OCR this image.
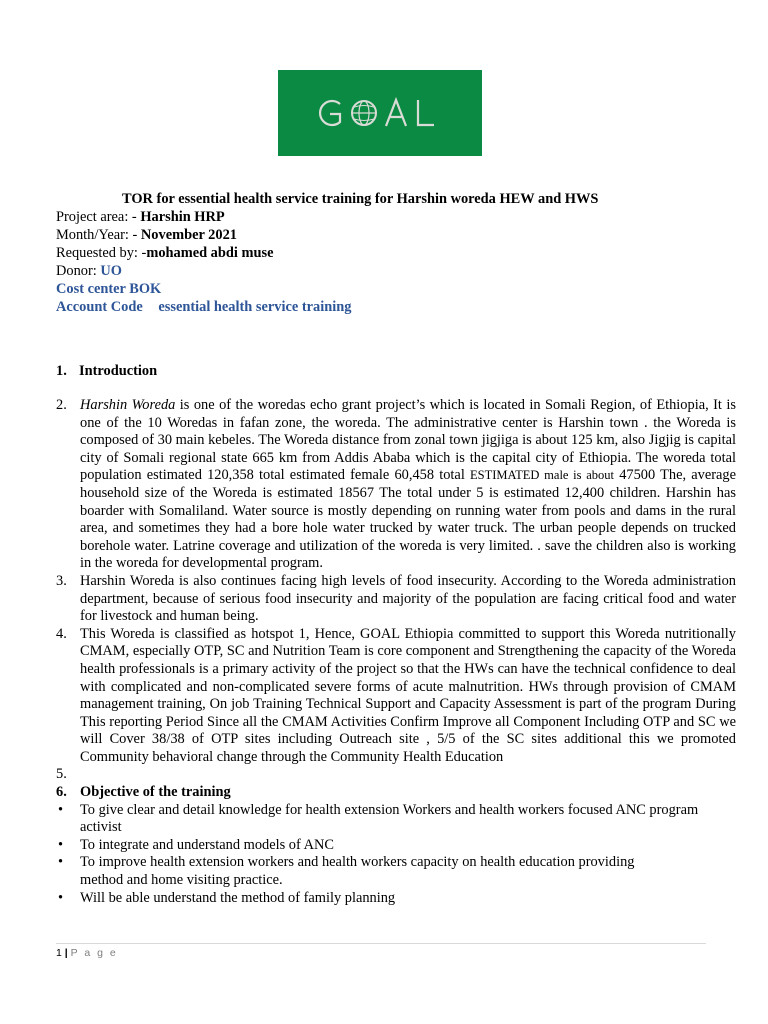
TOR for essential health service training for Harshin woreda HEW and HWS
Project area: - Harshin HRP
Month/Year: - November 2021
Requested by: -mohamed abdi muse
Donor: UO
Cost center BOK
Account Code essential health service training
1. Introduction
2. Harshin Woreda is one of the woredas echo grant project’s which is located in Somali Region, of Ethiopia, It is one of the 10 Woredas in fafan zone, the woreda. The administrative center is Harshin town . the Woreda is composed of 30 main kebeles. The Woreda distance from zonal town jigjiga is about 125 km, also Jigjig is capital city of Somali regional state 665 km from Addis Ababa which is the capital city of Ethiopia. The woreda total population estimated 120,358 total estimated female 60,458 total ESTIMATED male is about 47500 The, average household size of the Woreda is estimated 18567 The total under 5 is estimated 12,400 children. Harshin has boarder with Somaliland. Water source is mostly depending on running water from pools and dams in the rural area, and sometimes they had a bore hole water trucked by water truck. The urban people depends on trucked borehole water. Latrine coverage and utilization of the woreda is very limited. . save the children also is working in the woreda for developmental program.
3. Harshin Woreda is also continues facing high levels of food insecurity. According to the Woreda administration department, because of serious food insecurity and majority of the population are facing critical food and water for livestock and human being.
4. This Woreda is classified as hotspot 1, Hence, GOAL Ethiopia committed to support this Woreda nutritionally CMAM, especially OTP, SC and Nutrition Team is core component and Strengthening the capacity of the Woreda health professionals is a primary activity of the project so that the HWs can have the technical confidence to deal with complicated and non-complicated severe forms of acute malnutrition. HWs through provision of CMAM management training, On job Training Technical Support and Capacity Assessment is part of the program During This reporting Period Since all the CMAM Activities Confirm Improve all Component Including OTP and SC we will Cover 38/38 of OTP sites including Outreach site , 5/5 of the SC sites additional this we promoted Community behavioral change through the Community Health Education
5.
6. Objective of the training
•	To give clear and detail knowledge for health extension Workers and health workers focused ANC program activist
•	To integrate and understand models of ANC
•	To improve health extension workers and health workers capacity on health education providing method and home visiting practice.
•	Will be able understand the method of family planning
1 | P a g e
